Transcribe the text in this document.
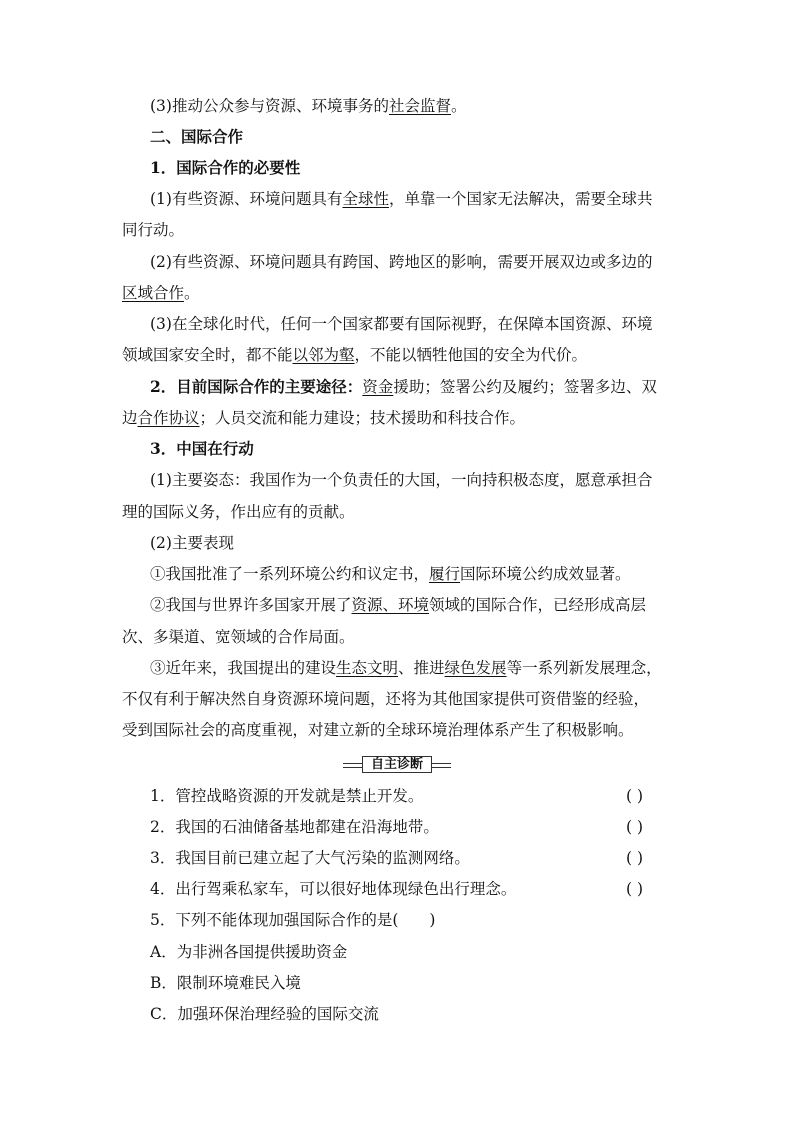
(3)推动公众参与资源、环境事务的社会监督。
二、国际合作
1．国际合作的必要性
(1)有些资源、环境问题具有全球性，单靠一个国家无法解决，需要全球共
同行动。
(2)有些资源、环境问题具有跨国、跨地区的影响，需要开展双边或多边的
区域合作。
(3)在全球化时代，任何一个国家都要有国际视野，在保障本国资源、环境
领域国家安全时，都不能以邻为壑，不能以牺牲他国的安全为代价。
2．目前国际合作的主要途径：资金援助；签署公约及履约；签署多边、双
边合作协议；人员交流和能力建设；技术援助和科技合作。
3．中国在行动
(1)主要姿态：我国作为一个负责任的大国，一向持积极态度，愿意承担合
理的国际义务，作出应有的贡献。
(2)主要表现
①我国批准了一系列环境公约和议定书，履行国际环境公约成效显著。
②我国与世界许多国家开展了资源、环境领域的国际合作，已经形成高层
次、多渠道、宽领域的合作局面。
③近年来，我国提出的建设生态文明、推进绿色发展等一系列新发展理念，
不仅有利于解决然自身资源环境问题，还将为其他国家提供可资借鉴的经验，
受到国际社会的高度重视，对建立新的全球环境治理体系产生了积极影响。
自主诊断
1．管控战略资源的开发就是禁止开发。	( )
2．我国的石油储备基地都建在沿海地带。	( )
3．我国目前已建立起了大气污染的监测网络。	( )
4．出行驾乘私家车，可以很好地体现绿色出行理念。	( )
5．下列不能体现加强国际合作的是(　　)
A．为非洲各国提供援助资金
B．限制环境难民入境
C．加强环保治理经验的国际交流
